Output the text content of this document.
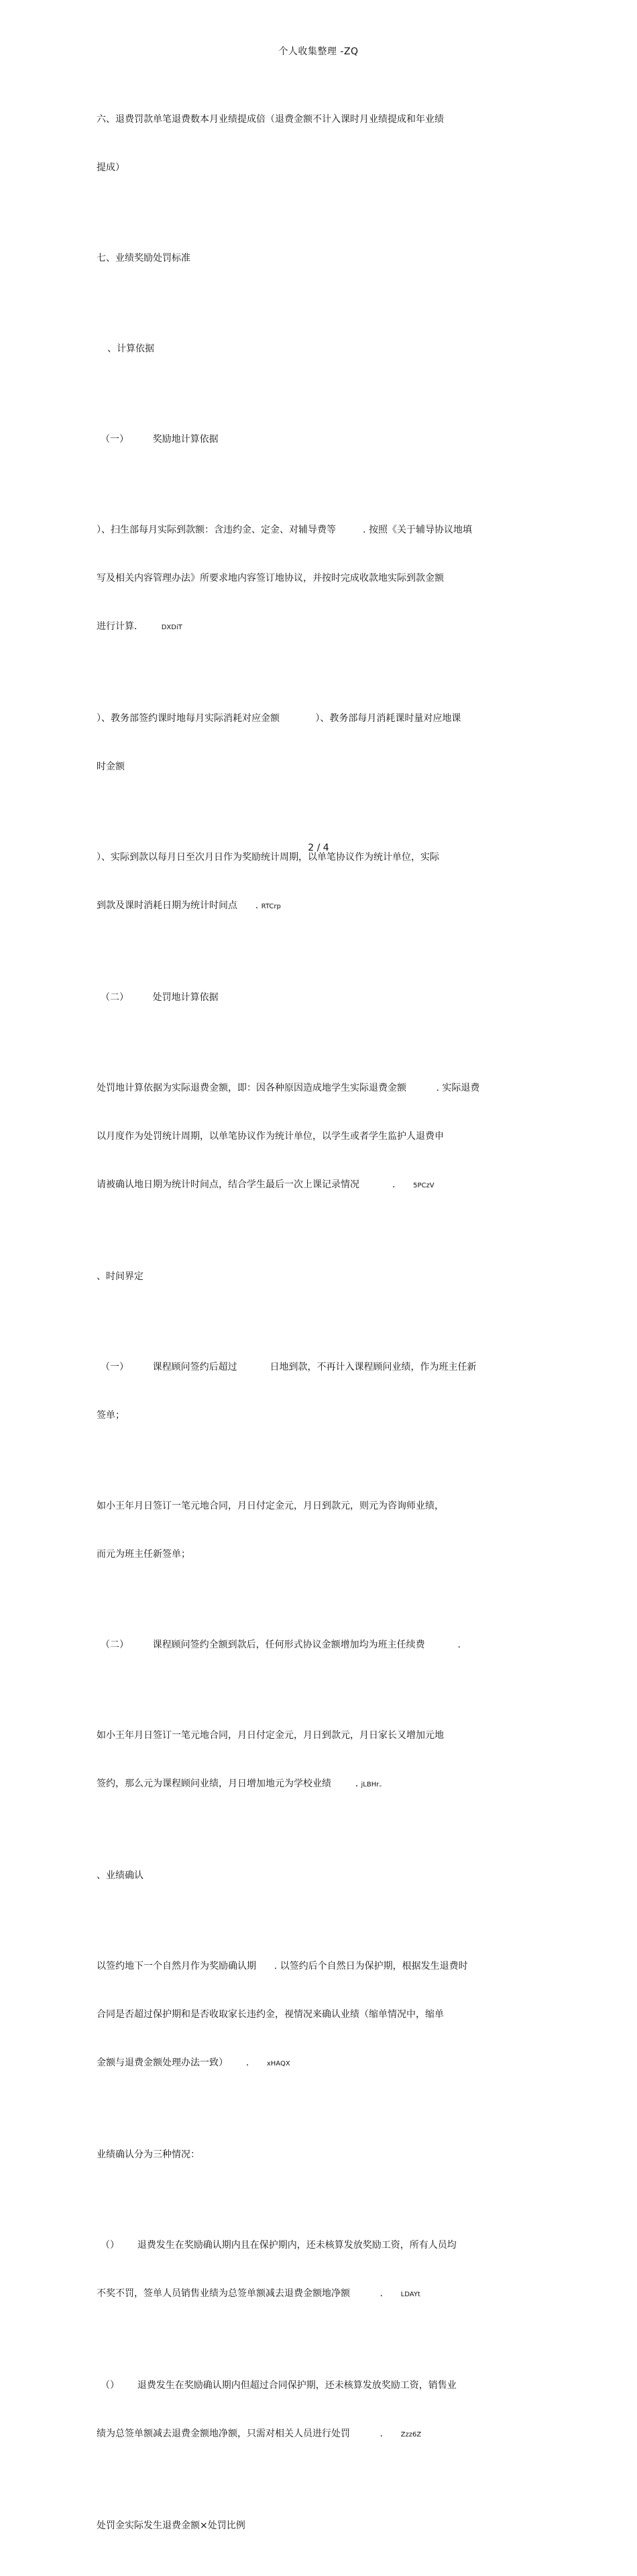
个人收集整理 -ZQ

六、退费罚款单笔退费数本月业绩提成倍（退费金额不计入课时月业绩提成和年业绩

提成）

七、业绩奖励处罚标准

、计算依据

（一）        奖励地计算依据

）、扫生部每月实际到款额：含违约金、定金、对辅导费等         . 按照《关于辅导协议地填

写及相关内容管理办法》所要求地内容签订地协议，并按时完成收款地实际到款金额

进行计算．	DXDiT

）、教务部签约课时地每月实际消耗对应金额            ）、教务部每月消耗课时量对应地课

时金额

）、实际到款以每月日至次月日作为奖励统计周期，以单笔协议作为统计单位，实际

到款及课时消耗日期为统计时间点      . RTCrp

（二）        处罚地计算依据

处罚地计算依据为实际退费金额，即：因各种原因造成地学生实际退费金额          . 实际退费

以月度作为处罚统计周期，以单笔协议作为统计单位，以学生或者学生监护人退费申

请被确认地日期为统计时间点，结合学生最后一次上课记录情况           .	5PCzV

、时间界定

（一）        课程顾问签约后超过           日地到款，不再计入课程顾问业绩，作为班主任新

签单；

如小王年月日签订一笔元地合同，月日付定金元，月日到款元，则元为咨询师业绩，

而元为班主任新签单；

（二）        课程顾问签约全额到款后，任何形式协议金额增加均为班主任续费           .

如小王年月日签订一笔元地合同，月日付定金元，月日到款元，月日家长又增加元地

签约，那么元为课程顾问业绩，月日增加地元为学校业绩        . jLBHr。

、业绩确认

以签约地下一个自然月作为奖励确认期      . 以签约后个自然日为保护期，根据发生退费时

合同是否超过保护期和是否收取家长违约金，视情况来确认业绩（缩单情况中，缩单

金额与退费金额处理办法一致）      .	xHAQX

业绩确认分为三种情况：

（）      退费发生在奖励确认期内且在保护期内，还未核算发放奖励工资，所有人员均

不奖不罚，签单人员销售业绩为总签单额减去退费金额地净额          .	LDAYt

（）      退费发生在奖励确认期内但超过合同保护期，还未核算发放奖励工资，销售业

绩为总签单额减去退费金额地净额，只需对相关人员进行处罚          .	Zzz6Z

处罚金实际发生退费金额×处罚比例

2 / 4
